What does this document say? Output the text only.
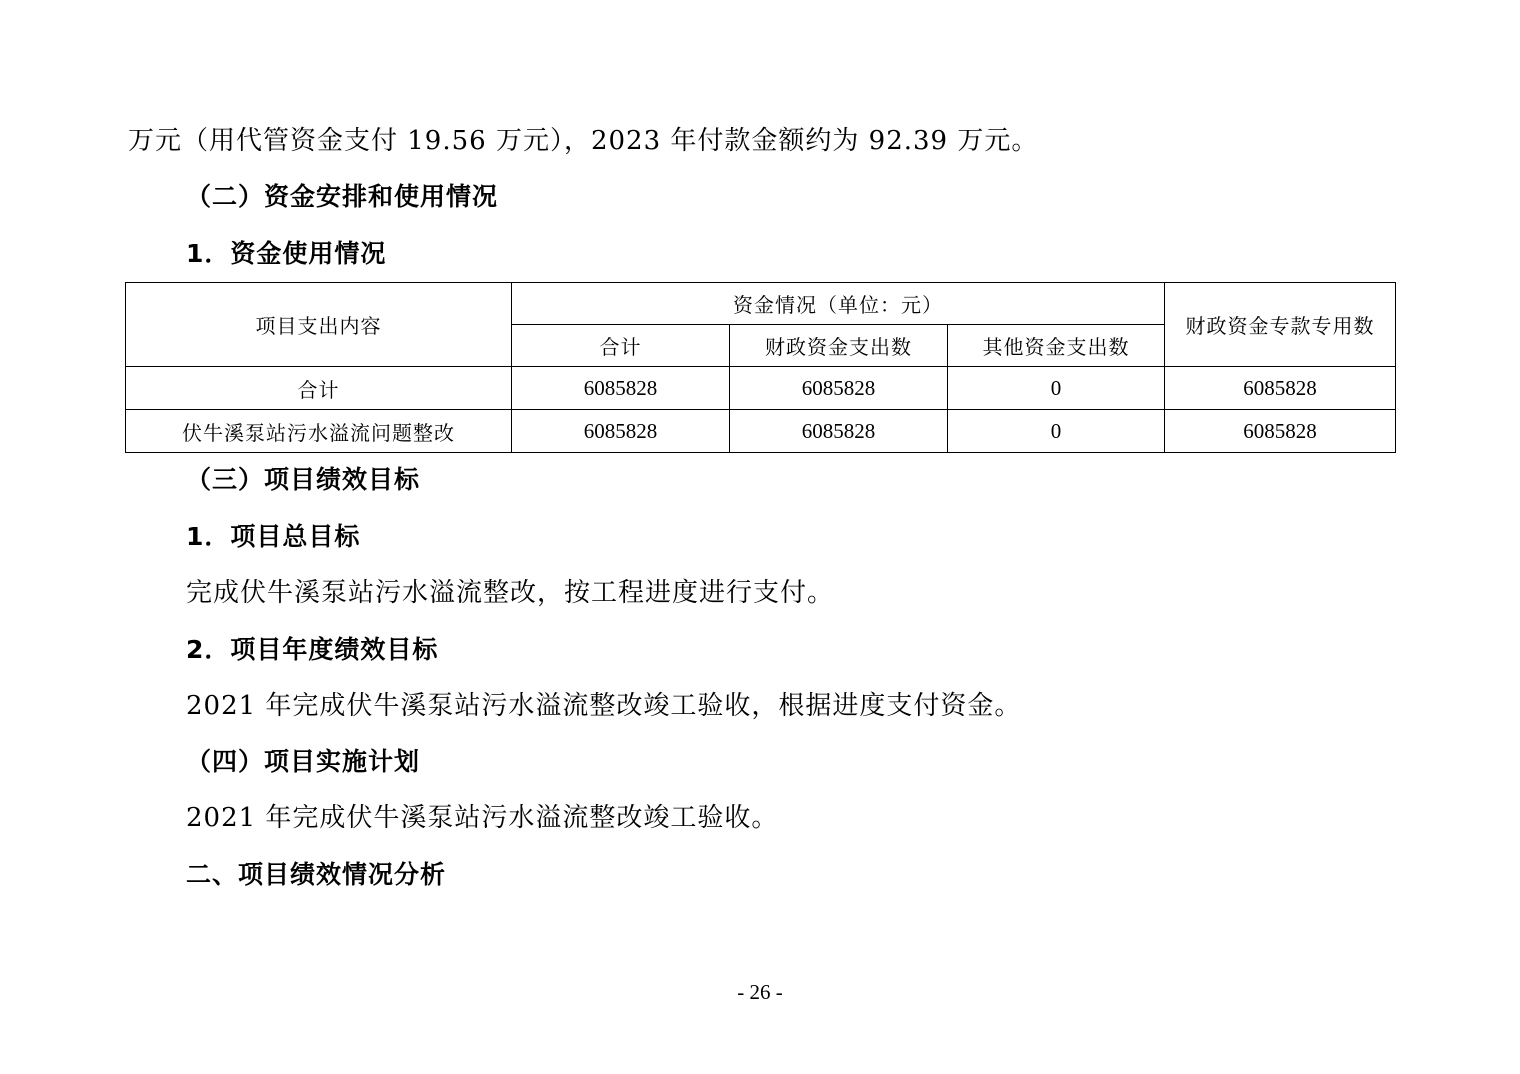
万元（用代管资金支付 19.56 万元），2023 年付款金额约为 92.39 万元。
（二）资金安排和使用情况
1．资金使用情况
项目支出内容	资金情况（单位：元）			财政资金专款专用数
	合计	财政资金支出数	其他资金支出数	
合计	6085828	6085828	0	6085828
伏牛溪泵站污水溢流问题整改	6085828	6085828	0	6085828
（三）项目绩效目标
1．项目总目标
完成伏牛溪泵站污水溢流整改，按工程进度进行支付。
2．项目年度绩效目标
2021 年完成伏牛溪泵站污水溢流整改竣工验收，根据进度支付资金。
（四）项目实施计划
2021 年完成伏牛溪泵站污水溢流整改竣工验收。
二、项目绩效情况分析
- 26 -
